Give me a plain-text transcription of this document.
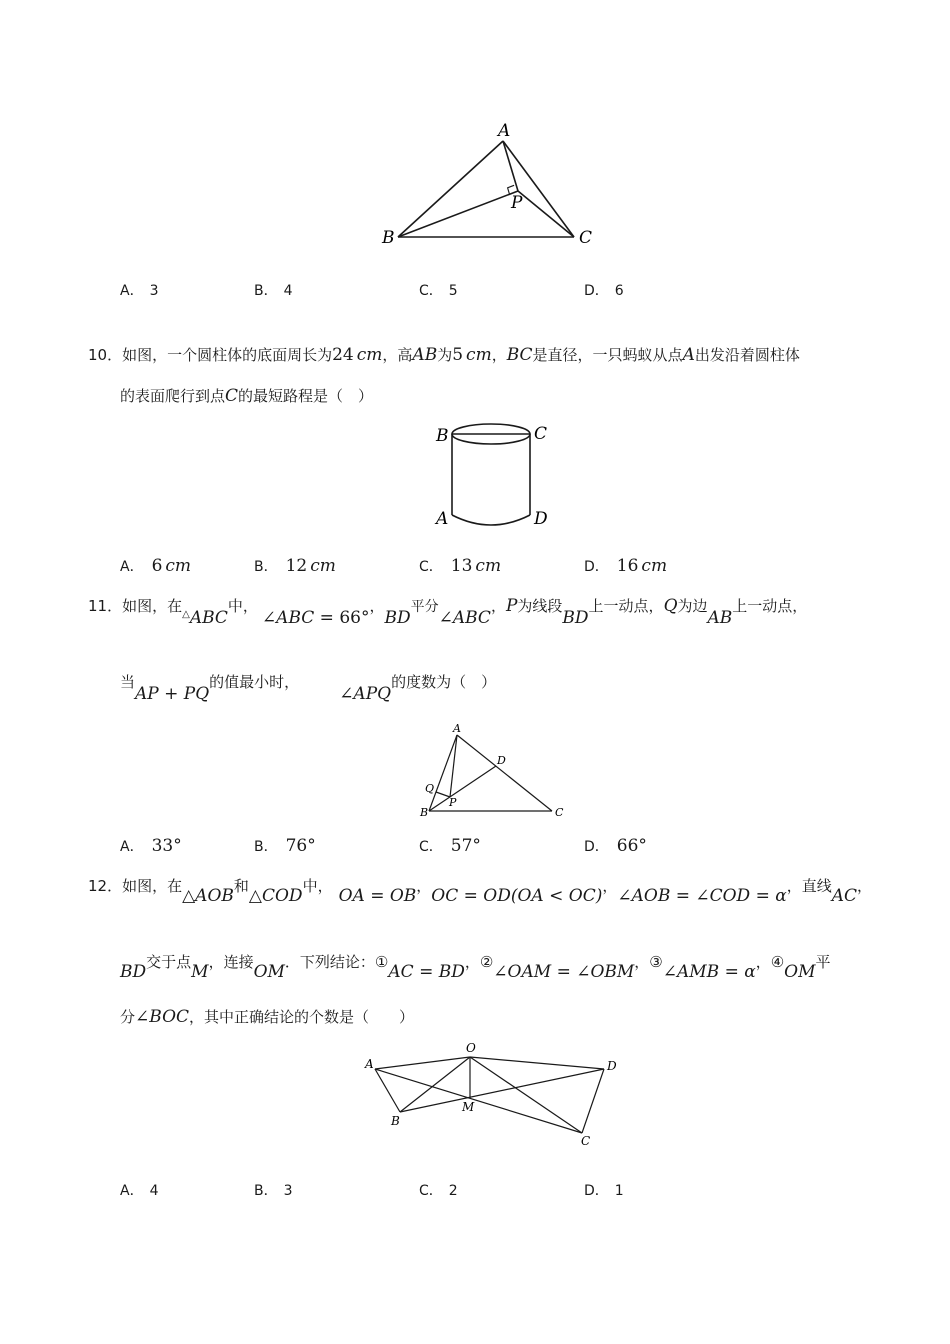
A
B	C
P
A． 3	B． 4	C． 5	D． 6
10．如图，一个圆柱体的底面周长为24 cm，高AB为5 cm，BC是直径，一只蚂蚁从点A出发沿着圆柱体
的表面爬行到点C的最短路程是（　）
B	C
A	D
A． 6 cm	B． 12 cm	C． 13 cm	D． 16 cm
11．如图，在$_\triangle$ABC中，∠ABC = 66°，BD平分∠ABC，P为线段BD上一动点，Q为边AB上一动点，
当AP + PQ的值最小时，∠APQ的度数为（　）
A
D
Q
P
B	C
A． 33°	B． 76°	C． 57°	D． 66°
12．如图，在△AOB和△COD中， OA = OB，OC = OD(OA < OC)，∠AOB = ∠COD = α，直线AC，
BD交于点M，连接OM．下列结论：①AC = BD，②∠OAM = ∠OBM，③∠AMB = α，④OM平
分∠BOC，其中正确结论的个数是（　　）
O
A	D
M
B
C
A． 4	B． 3	C． 2	D． 1
